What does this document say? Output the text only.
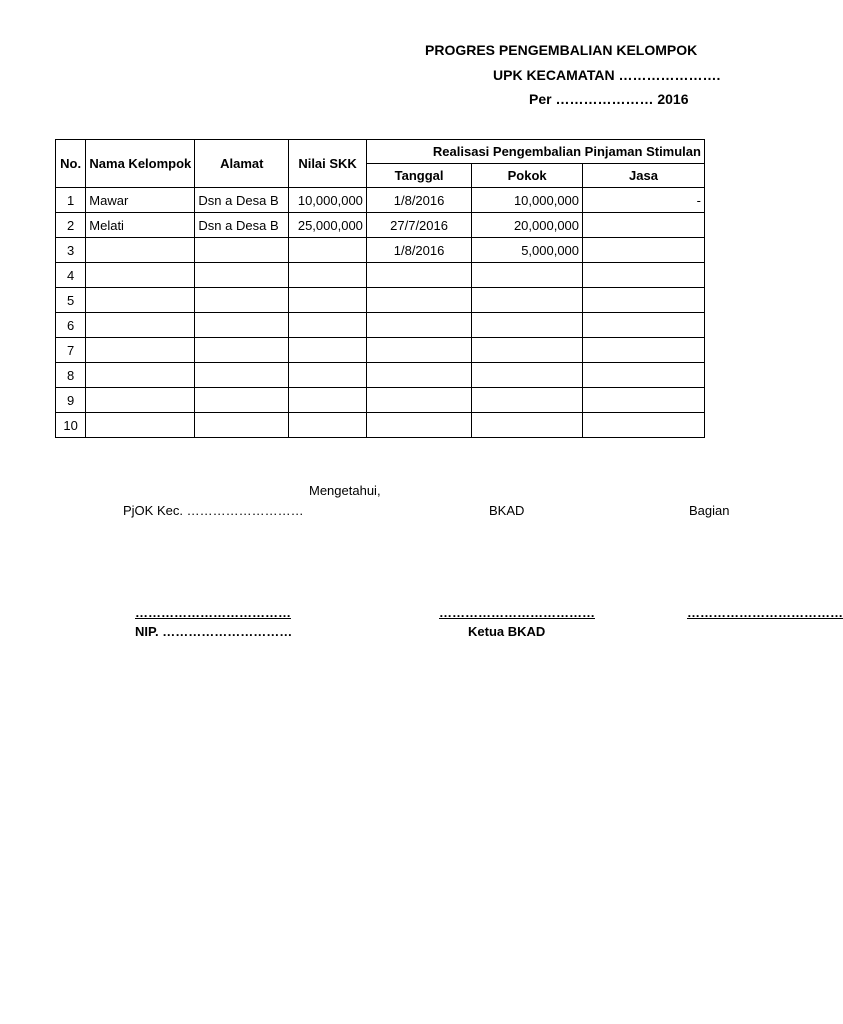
PROGRES PENGEMBALIAN KELOMPOK
UPK KECAMATAN ………………….
Per ………………… 2016
No.	Nama Kelompok	Alamat	Nilai SKK	Realisasi Pengembalian Pinjaman Stimulan		
				Tanggal	Pokok	Jasa
1	Mawar	Dsn a Desa B	10,000,000	1/8/2016	10,000,000	-
2	Melati	Dsn a Desa B	25,000,000	27/7/2016	20,000,000	
3				1/8/2016	5,000,000	
4						
5						
6						
7						
8						
9						
10						
Mengetahui,
PjOK Kec. ………………………	BKAD	Bagian
………………………………	………………………………	………………………………
NIP. …………………………	Ketua BKAD
